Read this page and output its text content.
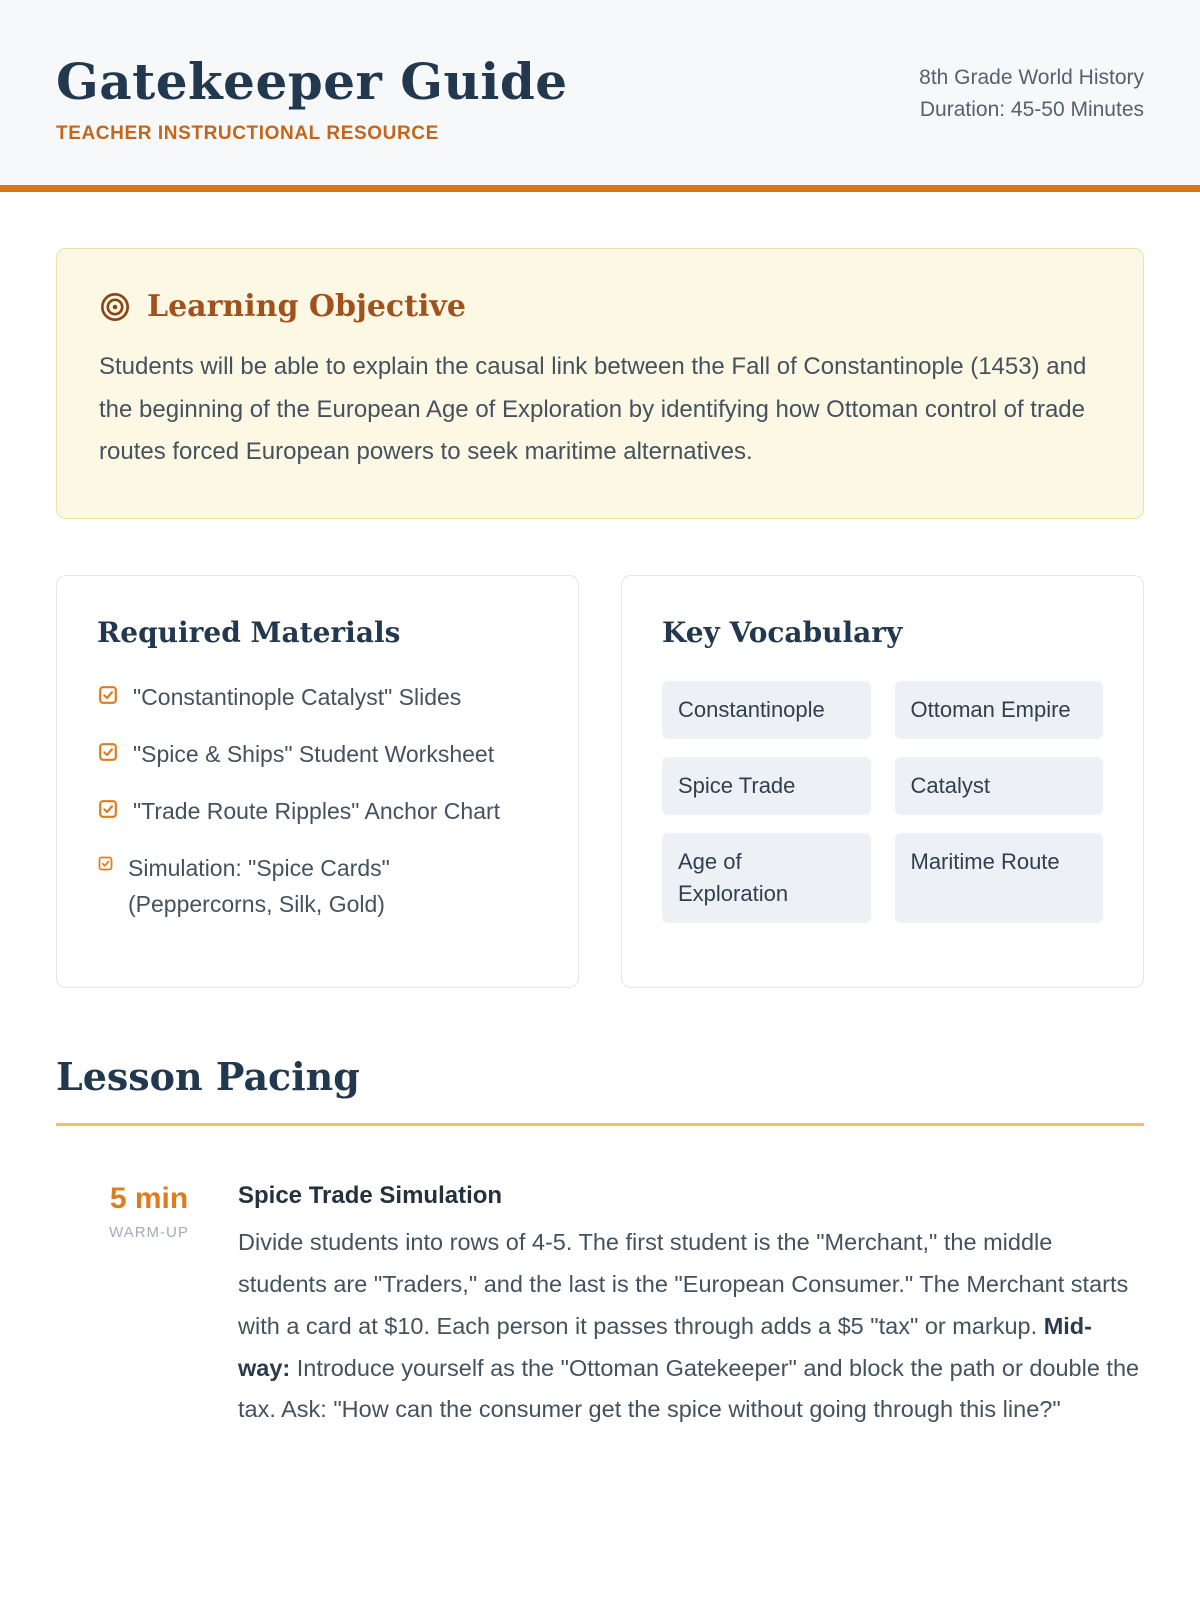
Gatekeeper Guide
TEACHER INSTRUCTIONAL RESOURCE
8th Grade World History
Duration: 45-50 Minutes
Learning Objective

Students will be able to explain the causal link between the Fall of Constantinople (1453) and the beginning of the European Age of Exploration by identifying how Ottoman control of trade routes forced European powers to seek maritime alternatives.

Required Materials
"Constantinople Catalyst" Slides
"Spice & Ships" Student Worksheet
"Trade Route Ripples" Anchor Chart
Simulation: "Spice Cards" (Peppercorns, Silk, Gold)
Key Vocabulary
Constantinople	Ottoman Empire
Spice Trade	Catalyst
Age of Exploration
Maritime Route
Lesson Pacing
5 min
WARM-UP
Spice Trade Simulation

Divide students into rows of 4-5. The first student is the "Merchant," the middle students are "Traders," and the last is the "European Consumer." The Merchant starts with a card at $10. Each person it passes through adds a $5 "tax" or markup. Mid-way: Introduce yourself as the "Ottoman Gatekeeper" and block the path or double the tax. Ask: "How can the consumer get the spice without going through this line?"
